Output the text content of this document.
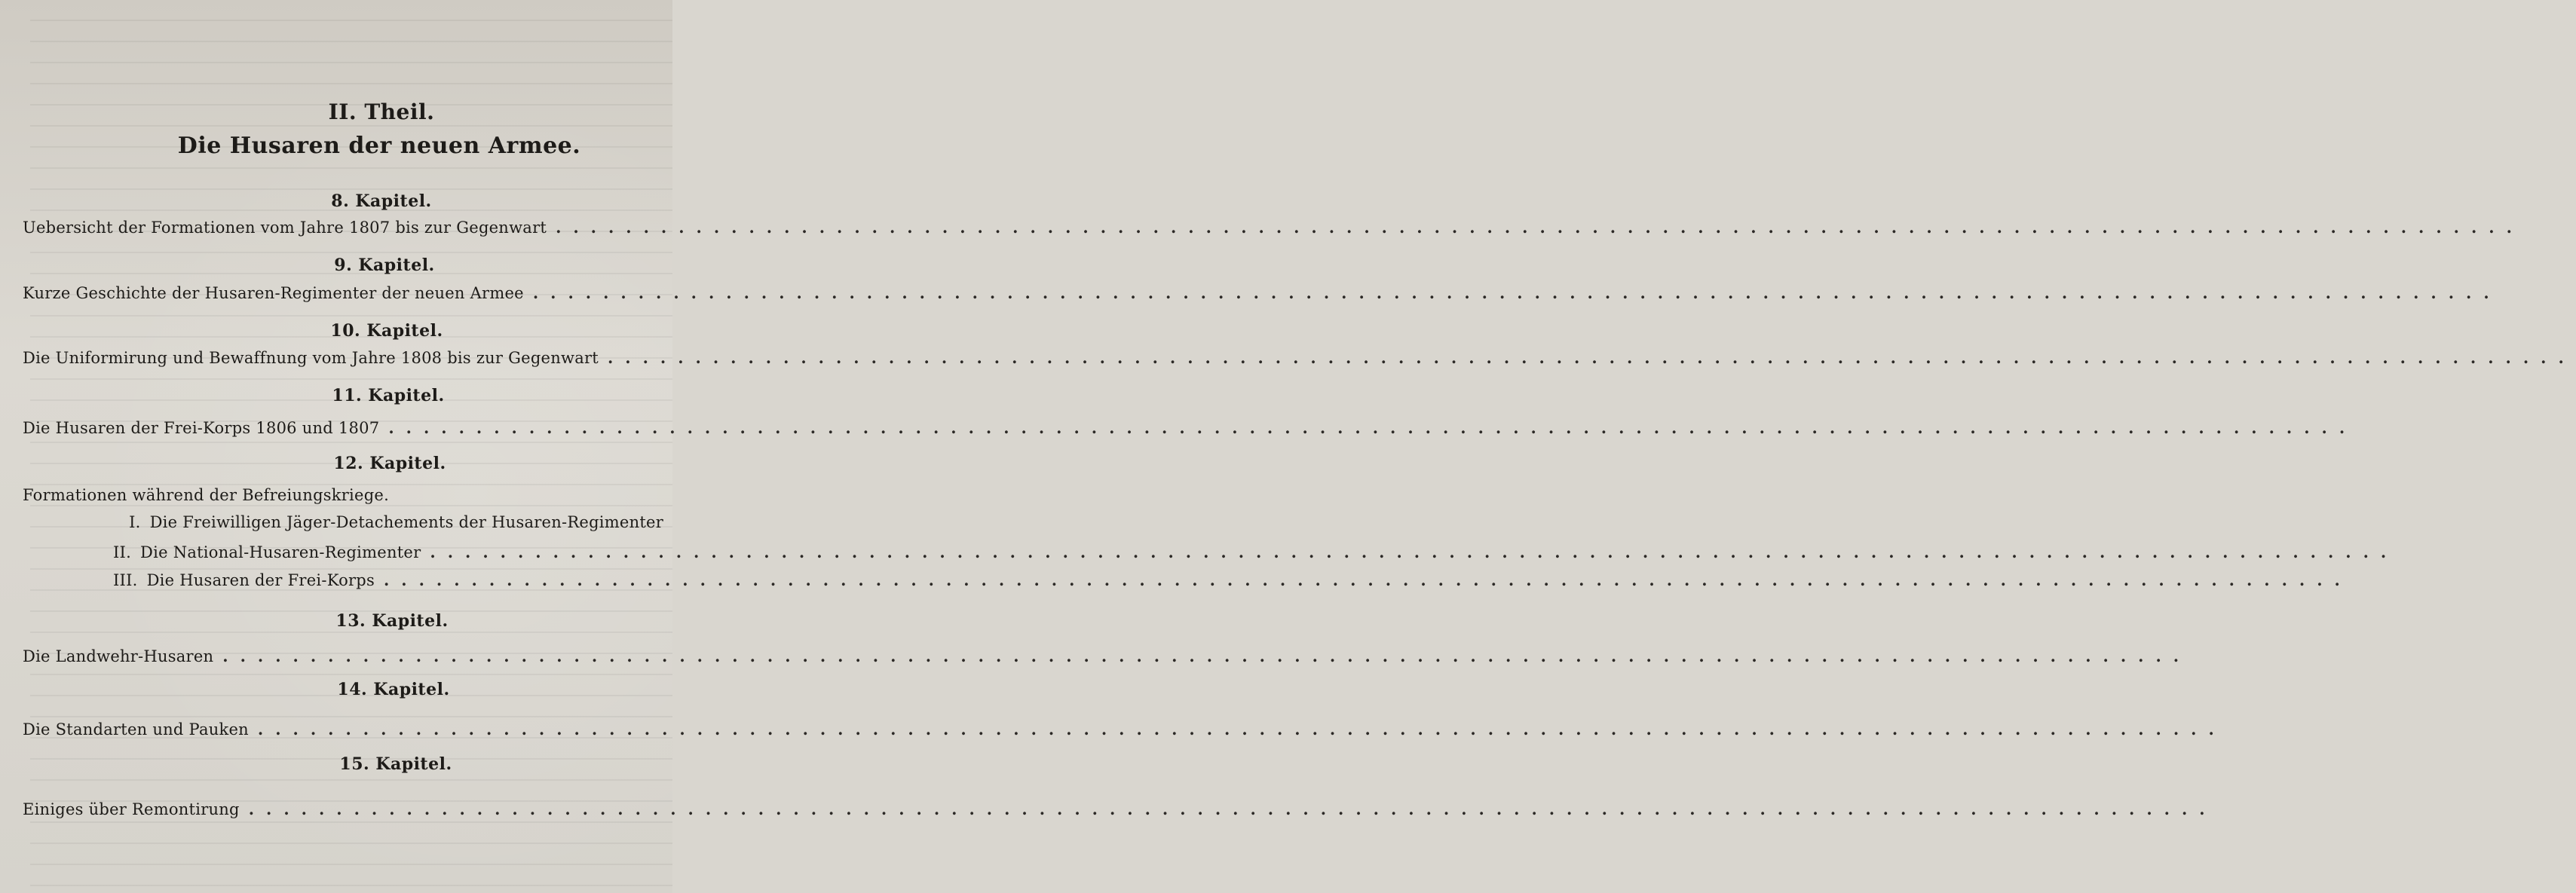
II. Theil.
Die Husaren der neuen Armee.
8. Kapitel.
Uebersicht der Formationen vom Jahre 1807 bis zur Gegenwart ................................................................................................................
9. Kapitel.
Kurze Geschichte der Husaren-Regimenter der neuen Armee ................................................................................................................
10. Kapitel.
Die Uniformirung und Bewaffnung vom Jahre 1808 bis zur Gegenwart ................................................................................................................
11. Kapitel.
Die Husaren der Frei-Korps 1806 und 1807 ................................................................................................................
12. Kapitel.
Formationen während der Befreiungskriege.
I. Die Freiwilligen Jäger-Detachements der Husaren-Regimenter
II. Die National-Husaren-Regimenter ................................................................................................................
III. Die Husaren der Frei-Korps ................................................................................................................
13. Kapitel.
Die Landwehr-Husaren ................................................................................................................
14. Kapitel.
Die Standarten und Pauken ................................................................................................................
15. Kapitel.
Einiges über Remontirung ................................................................................................................
